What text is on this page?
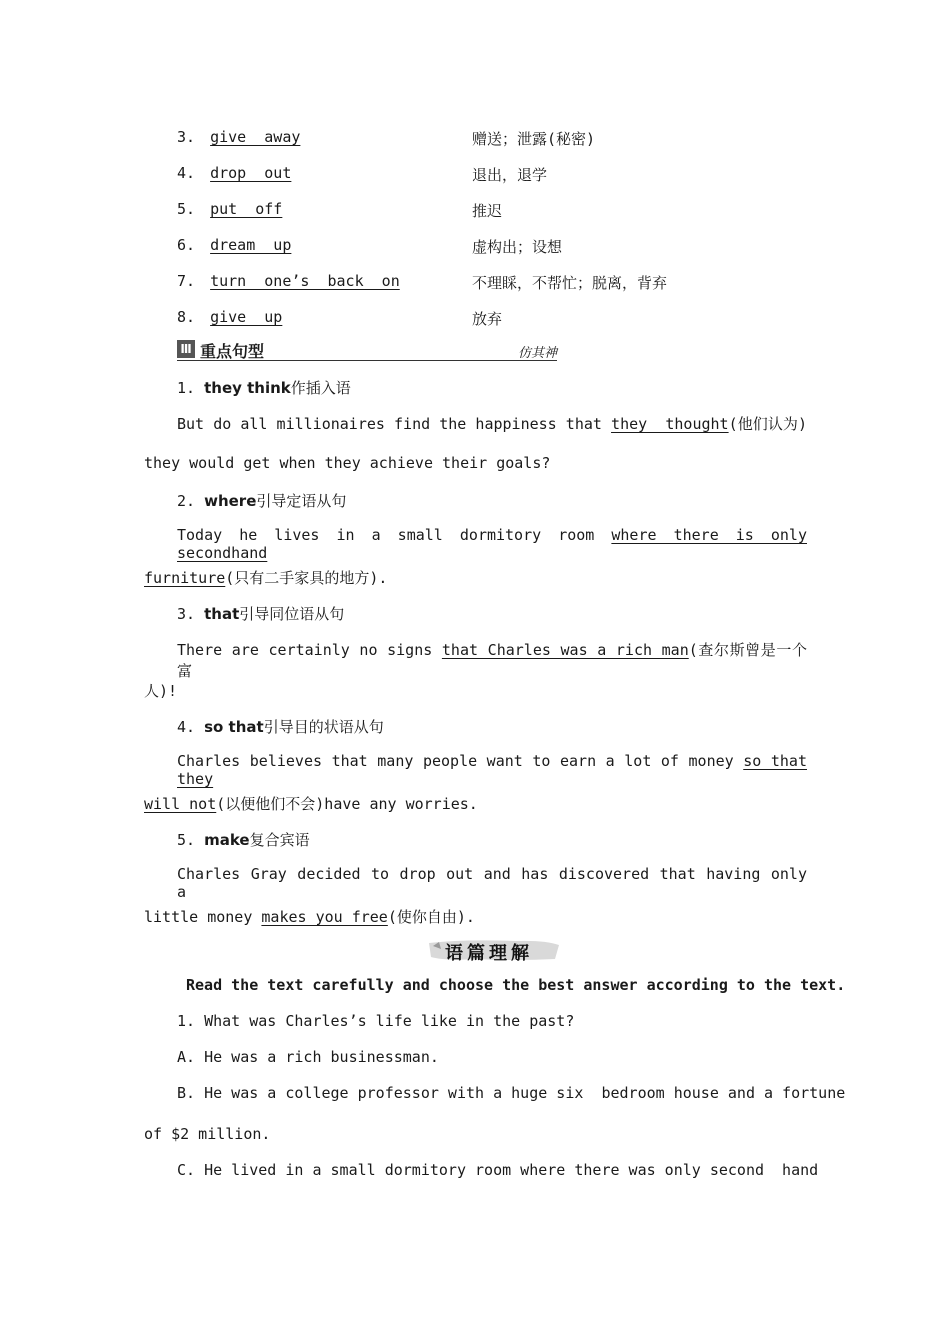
3. give  away	赠送；泄露(秘密)
4. drop  out	退出，退学
5. put  off	推迟
6. dream  up	虚构出；设想
7. turn  one’s  back  on	不理睬，不帮忙；脱离，背弃
8. give  up	放弃
Ⅲ 重点句型	仿其神
1. they think作插入语
But do all millionaires find the happiness that they  thought(他们认为)
they would get when they achieve their goals?
2. where引导定语从句
Today he lives in a small dormitory room where there is only secondhand
furniture(只有二手家具的地方).
3. that引导同位语从句
There are certainly no signs that Charles was a rich man(查尔斯曾是一个富
人)!
4. so that引导目的状语从句
Charles believes that many people want to earn a lot of money so that they
will not(以便他们不会)have any worries.
5. make复合宾语
Charles Gray decided to drop out and has discovered that having only a
little money makes you free(使你自由).
语篇理解
Read the text carefully and choose the best answer according to the text.
1. What was Charles’s life like in the past?
A. He was a rich businessman.
B. He was a college professor with a huge six  bedroom house and a fortune
of $2 million.
C. He lived in a small dormitory room where there was only second  hand
